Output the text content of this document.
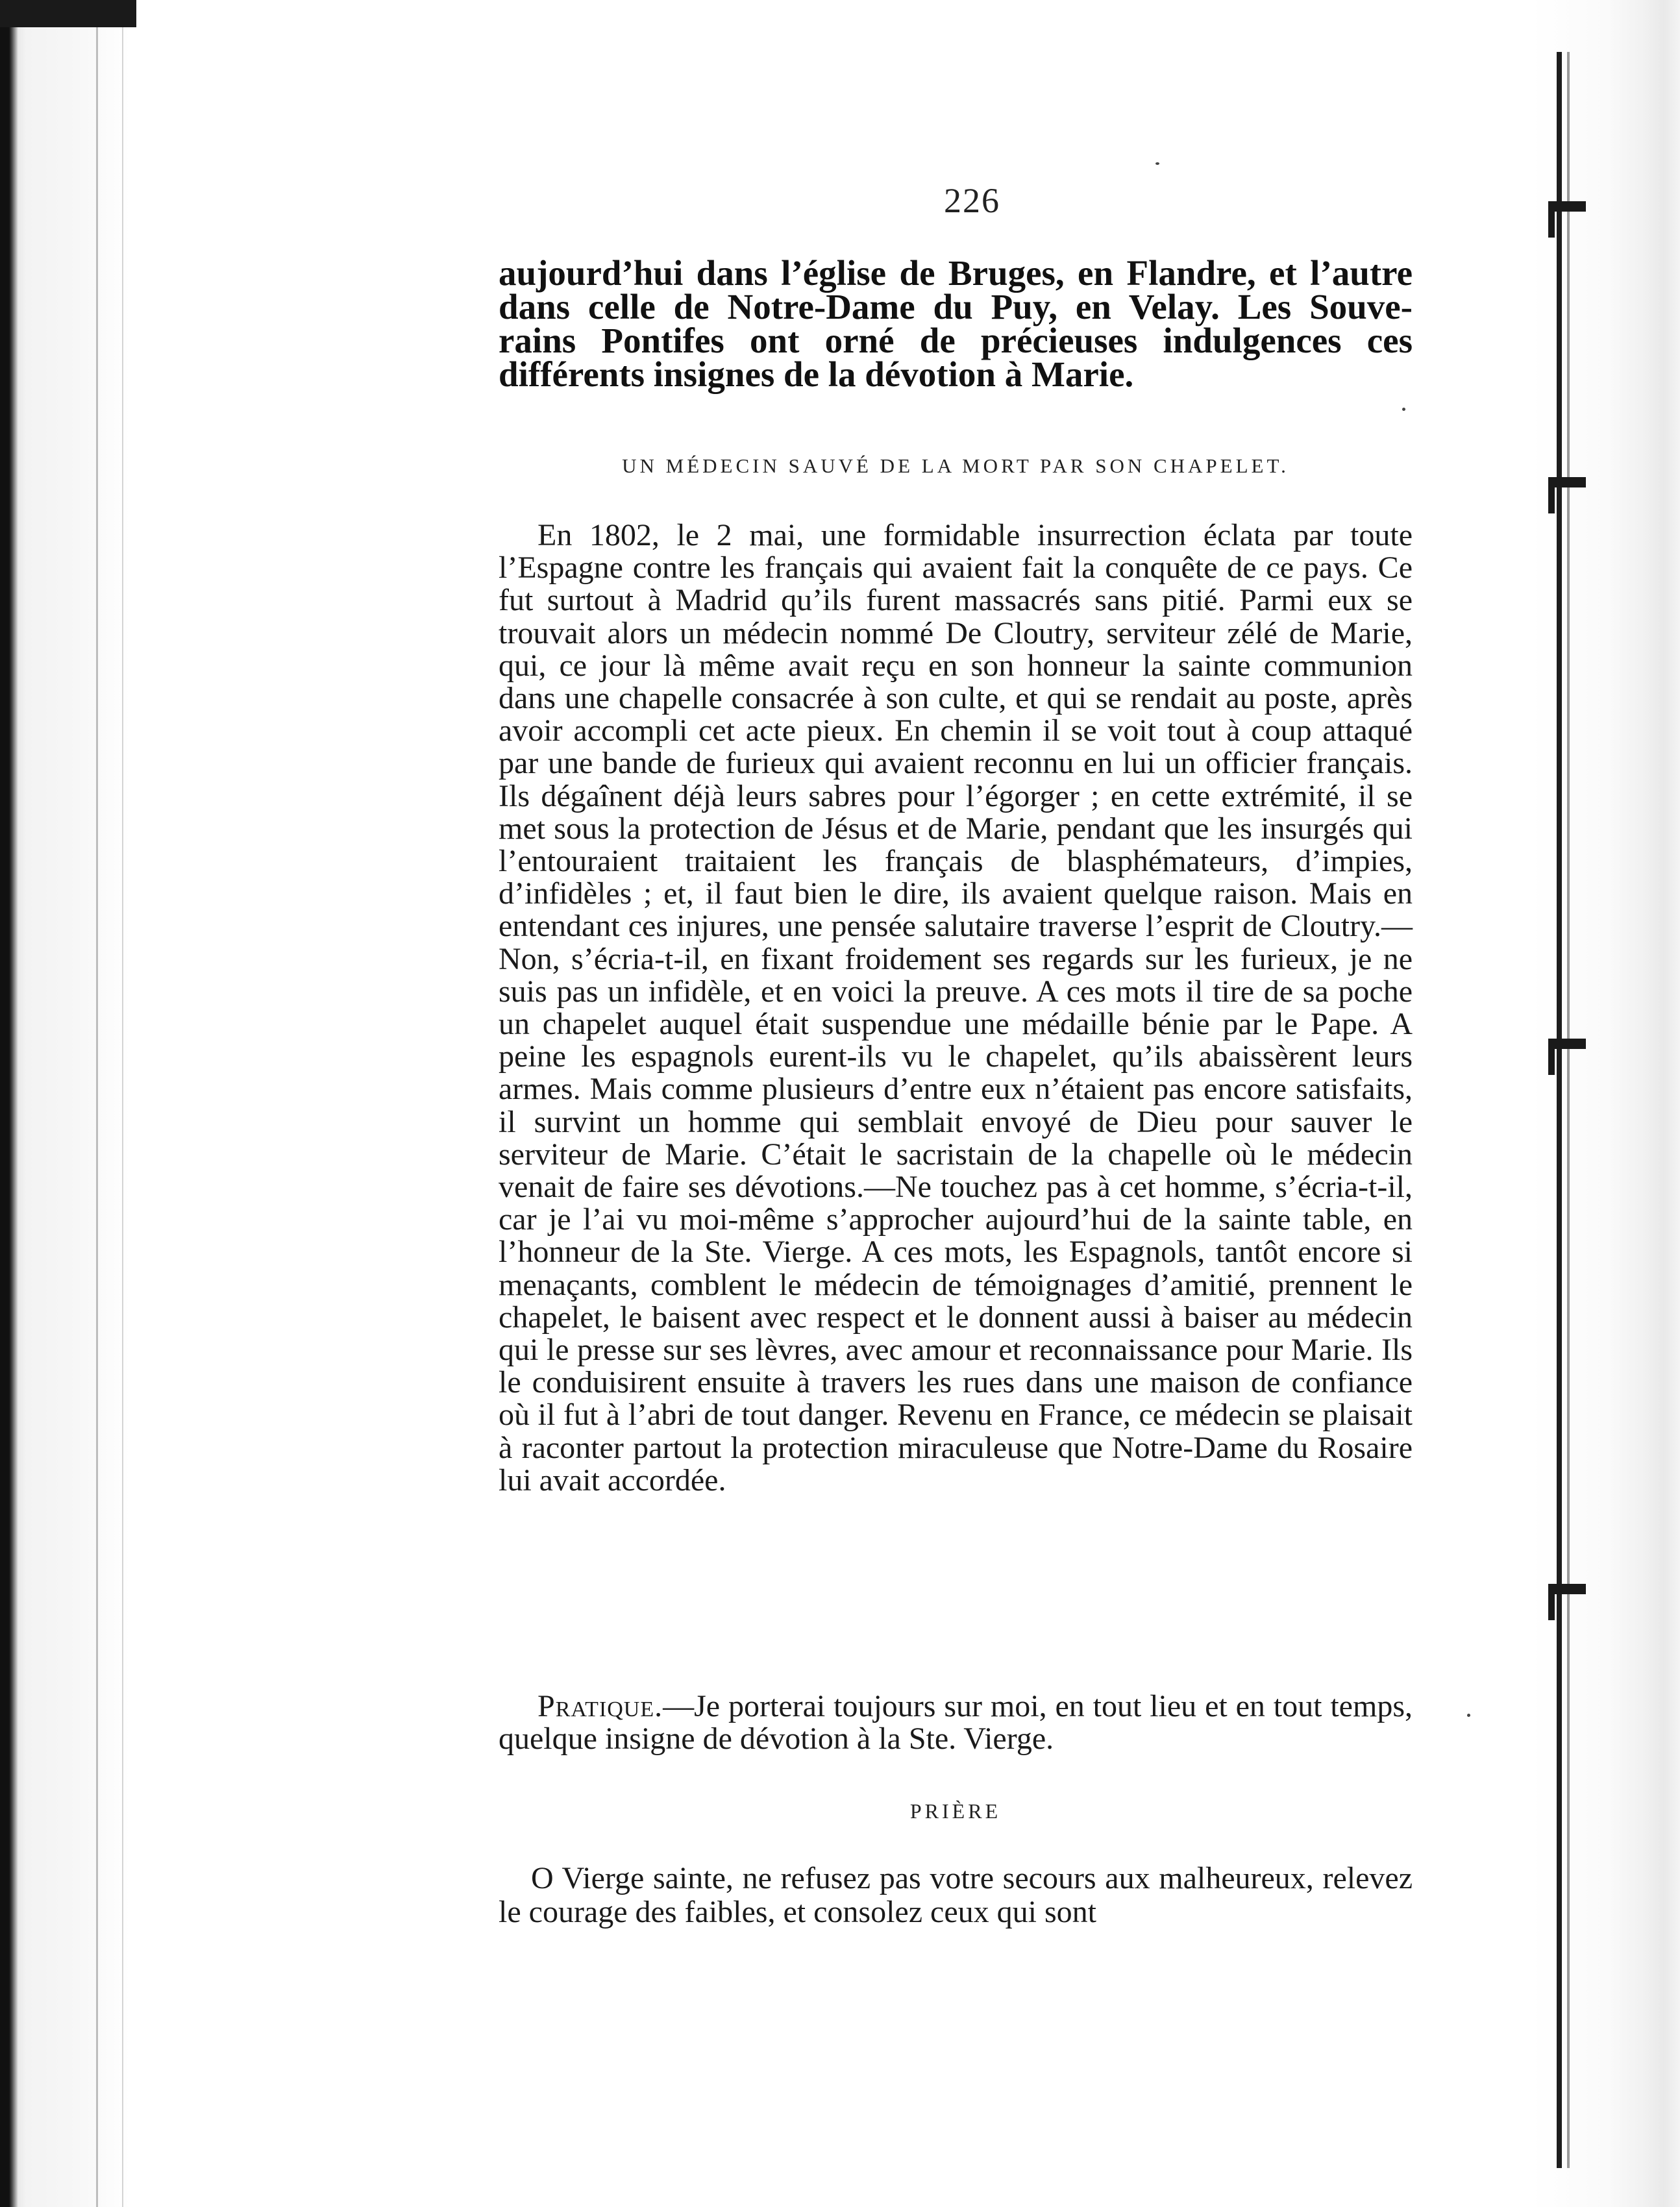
226
aujourd’hui dans l’église de Bruges, en Flandre, et l’autre
dans celle de Notre-Dame du Puy, en Velay. Les Souve-
rains Pontifes ont orné de précieuses indulgences ces
différents insignes de la dévotion à Marie.
UN MÉDECIN SAUVÉ DE LA MORT PAR SON CHAPELET.

En 1802, le 2 mai, une formidable insurrection éclata par toute l’Espagne contre les français qui avaient fait la conquête de ce pays. Ce fut surtout à Madrid qu’ils furent massacrés sans pitié. Parmi eux se trouvait alors un médecin nommé De Cloutry, serviteur zélé de Marie, qui, ce jour là même avait reçu en son honneur la sainte communion dans une chapelle consacrée à son culte, et qui se rendait au poste, après avoir accompli cet acte pieux. En chemin il se voit tout à coup attaqué par une bande de furieux qui avaient reconnu en lui un officier français. Ils dégaînent déjà leurs sabres pour l’égorger ; en cette extrémité, il se met sous la protection de Jésus et de Marie, pendant que les insurgés qui l’entouraient traitaient les français de blasphémateurs, d’impies, d’infidèles ; et, il faut bien le dire, ils avaient quelque raison. Mais en entendant ces injures, une pensée salutaire traverse l’esprit de Cloutry.—Non, s’écria-t-il, en fixant froidement ses regards sur les furieux, je ne suis pas un infidèle, et en voici la preuve. A ces mots il tire de sa poche un chapelet auquel était suspendue une médaille bénie par le Pape. A peine les espagnols eurent-ils vu le chapelet, qu’ils abaissèrent leurs armes. Mais comme plusieurs d’entre eux n’étaient pas encore satisfaits, il survint un homme qui semblait envoyé de Dieu pour sauver le serviteur de Marie. C’était le sacristain de la chapelle où le médecin venait de faire ses dévotions.—Ne touchez pas à cet homme, s’écria-t-il, car je l’ai vu moi-même s’approcher aujourd’hui de la sainte table, en l’honneur de la Ste. Vierge. A ces mots, les Espagnols, tantôt encore si menaçants, comblent le médecin de témoignages d’amitié, prennent le chapelet, le baisent avec respect et le donnent aussi à baiser au médecin qui le presse sur ses lèvres, avec amour et reconnaissance pour Marie. Ils le conduisirent ensuite à travers les rues dans une maison de confiance où il fut à l’abri de tout danger. Revenu en France, ce médecin se plaisait à raconter partout la protection miraculeuse que Notre-Dame du Rosaire lui avait accordée.

Pratique.—Je porterai toujours sur moi, en tout lieu et en tout temps, quelque insigne de dévotion à la Ste. Vierge.

PRIÈRE

O Vierge sainte, ne refusez pas votre secours aux malheureux, relevez le courage des faibles, et consolez ceux qui sont
